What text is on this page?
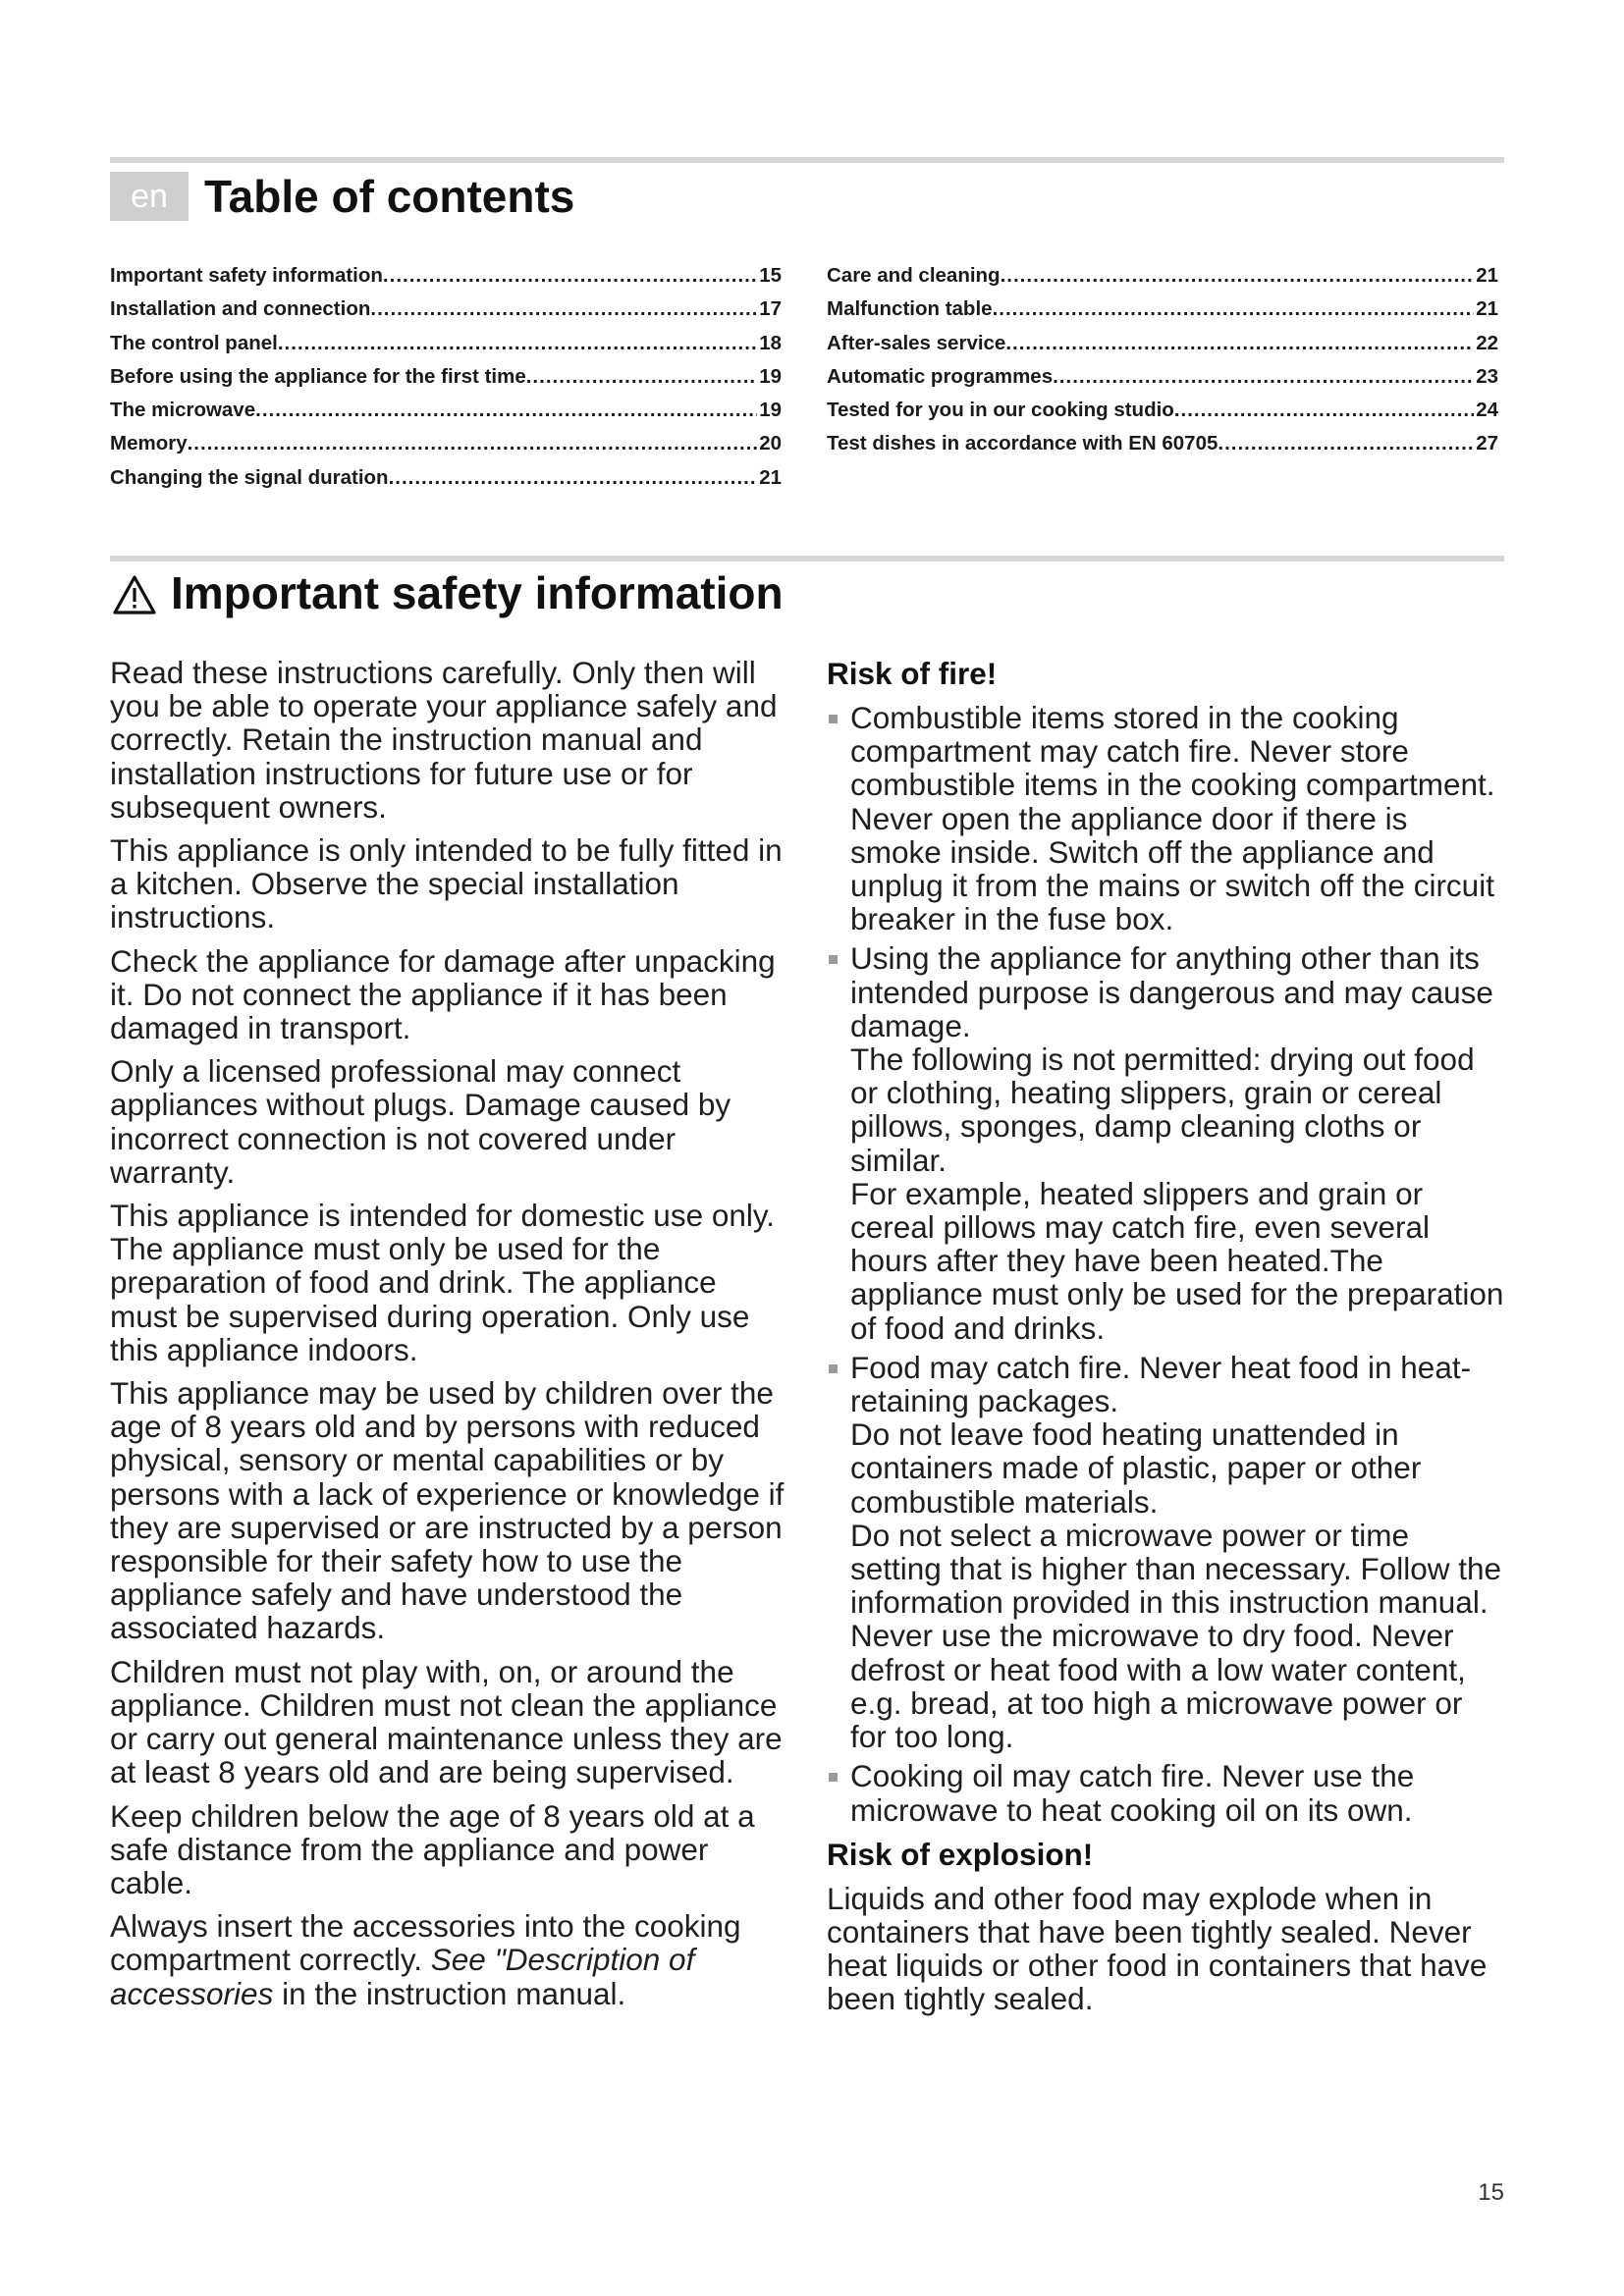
en Table of contents
Important safety information .....	15
Installation and connection .....	17
The control panel .....	18
Before using the appliance for the first time .....	19
The microwave .....	19
Memory .....	20
Changing the signal duration .....	21
Care and cleaning .....	21
Malfunction table .....	21
After-sales service .....	22
Automatic programmes .....	23
Tested for you in our cooking studio .....	24
Test dishes in accordance with EN 60705 .....	27
Important safety information

Read these instructions carefully. Only then will you be able to operate your appliance safely and correctly. Retain the instruction manual and installation instructions for future use or for subsequent owners.

This appliance is only intended to be fully fitted in a kitchen. Observe the special installation instructions.

Check the appliance for damage after unpacking it. Do not connect the appliance if it has been damaged in transport.

Only a licensed professional may connect appliances without plugs. Damage caused by incorrect connection is not covered under warranty.

This appliance is intended for domestic use only. The appliance must only be used for the preparation of food and drink. The appliance must be supervised during operation. Only use this appliance indoors.

This appliance may be used by children over the age of 8 years old and by persons with reduced physical, sensory or mental capabilities or by persons with a lack of experience or knowledge if they are supervised or are instructed by a person responsible for their safety how to use the appliance safely and have understood the associated hazards.

Children must not play with, on, or around the appliance. Children must not clean the appliance or carry out general maintenance unless they are at least 8 years old and are being supervised.

Keep children below the age of 8 years old at a safe distance from the appliance and power cable.

Always insert the accessories into the cooking compartment correctly. See "Description of accessories in the instruction manual.

Risk of fire!

Combustible items stored in the cooking compartment may catch fire. Never store combustible items in the cooking compartment. Never open the appliance door if there is smoke inside. Switch off the appliance and unplug it from the mains or switch off the circuit breaker in the fuse box.

Using the appliance for anything other than its intended purpose is dangerous and may cause damage.

The following is not permitted: drying out food or clothing, heating slippers, grain or cereal pillows, sponges, damp cleaning cloths or similar.

For example, heated slippers and grain or cereal pillows may catch fire, even several hours after they have been heated.The appliance must only be used for the preparation of food and drinks.

Food may catch fire. Never heat food in heat-retaining packages.

Do not leave food heating unattended in containers made of plastic, paper or other combustible materials.

Do not select a microwave power or time setting that is higher than necessary. Follow the information provided in this instruction manual.

Never use the microwave to dry food. Never defrost or heat food with a low water content, e.g. bread, at too high a microwave power or for too long.

Cooking oil may catch fire. Never use the microwave to heat cooking oil on its own.

Risk of explosion!

Liquids and other food may explode when in containers that have been tightly sealed. Never heat liquids or other food in containers that have been tightly sealed.

15
